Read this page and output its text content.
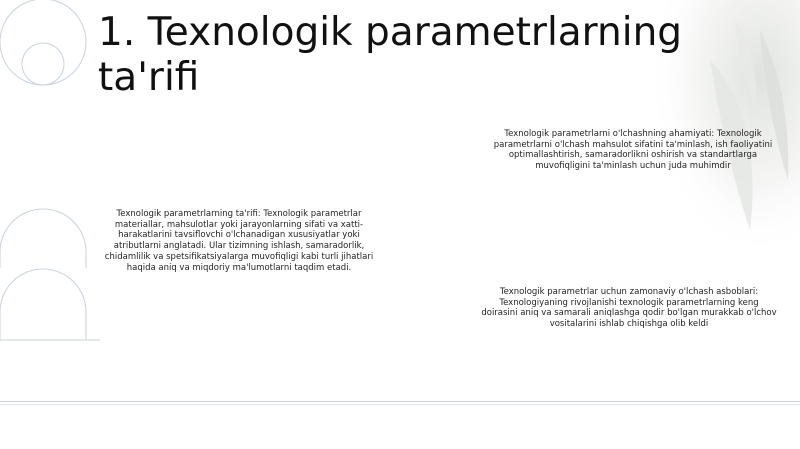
1. Texnologik parametrlarning ta'rifi
Texnologik parametrlarni o'lchashning ahamiyati: Texnologik parametrlarni o'lchash mahsulot sifatini ta'minlash, ish faoliyatini optimallashtirish, samaradorlikni oshirish va standartlarga muvofiqligini ta'minlash uchun juda muhimdir
Texnologik parametrlarning ta'rifi: Texnologik parametrlar materiallar, mahsulotlar yoki jarayonlarning sifati va xatti-harakatlarini tavsiflovchi o'lchanadigan xususiyatlar yoki atributlarni anglatadi. Ular tizimning ishlash, samaradorlik, chidamlilik va spetsifikatsiyalarga muvofiqligi kabi turli jihatlari haqida aniq va miqdoriy ma'lumotlarni taqdim etadi.
Texnologik parametrlar uchun zamonaviy o'lchash asboblari: Texnologiyaning rivojlanishi texnologik parametrlarning keng doirasini aniq va samarali aniqlashga qodir bo'lgan murakkab o'lchov vositalarini ishlab chiqishga olib keldi
